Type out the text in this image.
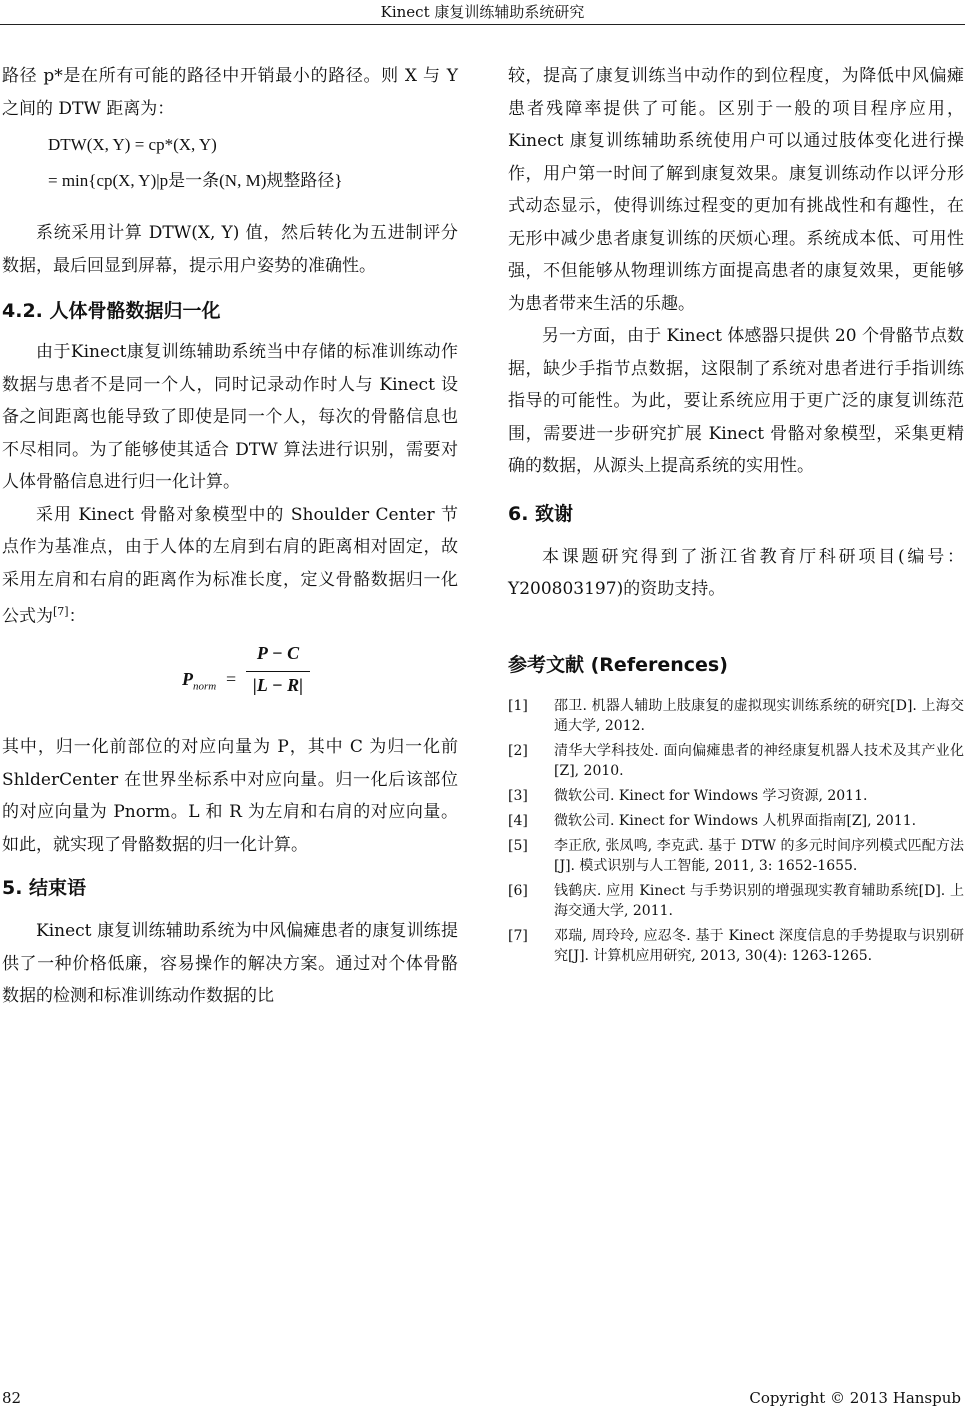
Kinect 康复训练辅助系统研究

路径 p*是在所有可能的路径中开销最小的路径。则 X 与 Y 之间的 DTW 距离为：

DTW(X, Y) = cp*(X, Y)
= min{cp(X, Y)|p是一条(N, M)规整路径}

系统采用计算 DTW(X, Y) 值，然后转化为五进制评分数据，最后回显到屏幕，提示用户姿势的准确性。

4.2. 人体骨骼数据归一化

由于Kinect康复训练辅助系统当中存储的标准训练动作数据与患者不是同一个人，同时记录动作时人与 Kinect 设备之间距离也能导致了即使是同一个人，每次的骨骼信息也不尽相同。为了能够使其适合 DTW 算法进行识别，需要对人体骨骼信息进行归一化计算。

采用 Kinect 骨骼对象模型中的 Shoulder Center 节点作为基准点，由于人体的左肩到右肩的距离相对固定，故采用左肩和右肩的距离作为标准长度，定义骨骼数据归一化公式为[7]：

$P_{norm}$ =
P − C
|L − R|

其中，归一化前部位的对应向量为 P，其中 C 为归一化前 ShlderCenter 在世界坐标系中对应向量。归一化后该部位的对应向量为 Pnorm。L 和 R 为左肩和右肩的对应向量。如此，就实现了骨骼数据的归一化计算。

5. 结束语

Kinect 康复训练辅助系统为中风偏瘫患者的康复训练提供了一种价格低廉，容易操作的解决方案。通过对个体骨骼数据的检测和标准训练动作数据的比

较，提高了康复训练当中动作的到位程度，为降低中风偏瘫患者残障率提供了可能。区别于一般的项目程序应用，Kinect 康复训练辅助系统使用户可以通过肢体变化进行操作，用户第一时间了解到康复效果。康复训练动作以评分形式动态显示，使得训练过程变的更加有挑战性和有趣性，在无形中减少患者康复训练的厌烦心理。系统成本低、可用性强，不但能够从物理训练方面提高患者的康复效果，更能够为患者带来生活的乐趣。

另一方面，由于 Kinect 体感器只提供 20 个骨骼节点数据，缺少手指节点数据，这限制了系统对患者进行手指训练指导的可能性。为此，要让系统应用于更广泛的康复训练范围，需要进一步研究扩展 Kinect 骨骼对象模型，采集更精确的数据，从源头上提高系统的实用性。

6. 致谢

本课题研究得到了浙江省教育厅科研项目(编号：Y200803197)的资助支持。

参考文献 (References)
[1] 邵卫. 机器人辅助上肢康复的虚拟现实训练系统的研究[D]. 上海交通大学, 2012.
[2] 清华大学科技处. 面向偏瘫患者的神经康复机器人技术及其产业化[Z], 2010.
[3] 微软公司. Kinect for Windows 学习资源, 2011.
[4] 微软公司. Kinect for Windows 人机界面指南[Z], 2011.
[5] 李正欣, 张凤鸣, 李克武. 基于 DTW 的多元时间序列模式匹配方法[J]. 模式识别与人工智能, 2011, 3: 1652-1655.
[6] 钱鹤庆. 应用 Kinect 与手势识别的增强现实教育辅助系统[D]. 上海交通大学, 2011.
[7] 邓瑞, 周玲玲, 应忍冬. 基于 Kinect 深度信息的手势提取与识别研究[J]. 计算机应用研究, 2013, 30(4): 1263-1265.
82	Copyright © 2013 Hanspub
